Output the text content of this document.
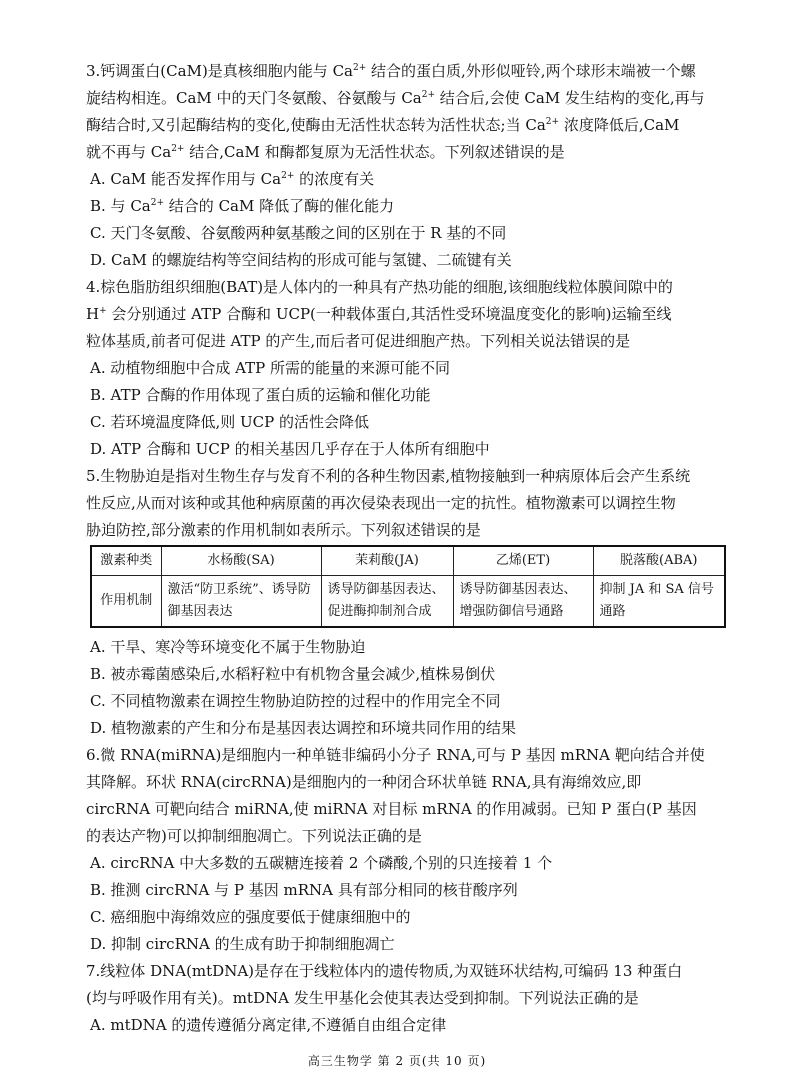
3.钙调蛋白(CaM)是真核细胞内能与 $Ca^{2+}$ 结合的蛋白质,外形似哑铃,两个球形末端被一个螺
旋结构相连。CaM 中的天门冬氨酸、谷氨酸与 $Ca^{2+}$ 结合后,会使 CaM 发生结构的变化,再与
酶结合时,又引起酶结构的变化,使酶由无活性状态转为活性状态;当 $Ca^{2+}$ 浓度降低后,CaM
就不再与 $Ca^{2+}$ 结合,CaM 和酶都复原为无活性状态。下列叙述错误的是
A. CaM 能否发挥作用与 $Ca^{2+}$ 的浓度有关
B. 与 $Ca^{2+}$ 结合的 CaM 降低了酶的催化能力
C. 天门冬氨酸、谷氨酸两种氨基酸之间的区别在于 R 基的不同
D. CaM 的螺旋结构等空间结构的形成可能与氢键、二硫键有关
4.棕色脂肪组织细胞(BAT)是人体内的一种具有产热功能的细胞,该细胞线粒体膜间隙中的
H+ 会分别通过 ATP 合酶和 UCP(一种载体蛋白,其活性受环境温度变化的影响)运输至线
粒体基质,前者可促进 ATP 的产生,而后者可促进细胞产热。下列相关说法错误的是
A. 动植物细胞中合成 ATP 所需的能量的来源可能不同
B. ATP 合酶的作用体现了蛋白质的运输和催化功能
C. 若环境温度降低,则 UCP 的活性会降低
D. ATP 合酶和 UCP 的相关基因几乎存在于人体所有细胞中
5.生物胁迫是指对生物生存与发育不利的各种生物因素,植物接触到一种病原体后会产生系统
性反应,从而对该种或其他种病原菌的再次侵染表现出一定的抗性。植物激素可以调控生物
胁迫防控,部分激素的作用机制如表所示。下列叙述错误的是
激素种类	水杨酸(SA)	茉莉酸(JA)	乙烯(ET)	脱落酸(ABA)
作用机制	激活“防卫系统”、诱导防御基因表达	诱导防御基因表达、促进酶抑制剂合成	诱导防御基因表达、增强防御信号通路	抑制 JA 和 SA 信号通路
A. 干旱、寒冷等环境变化不属于生物胁迫
B. 被赤霉菌感染后,水稻籽粒中有机物含量会减少,植株易倒伏
C. 不同植物激素在调控生物胁迫防控的过程中的作用完全不同
D. 植物激素的产生和分布是基因表达调控和环境共同作用的结果
6.微 RNA(miRNA)是细胞内一种单链非编码小分子 RNA,可与 P 基因 mRNA 靶向结合并使
其降解。环状 RNA(circRNA)是细胞内的一种闭合环状单链 RNA,具有海绵效应,即
circRNA 可靶向结合 miRNA,使 miRNA 对目标 mRNA 的作用减弱。已知 P 蛋白(P 基因
的表达产物)可以抑制细胞凋亡。下列说法正确的是
A. circRNA 中大多数的五碳糖连接着 2 个磷酸,个别的只连接着 1 个
B. 推测 circRNA 与 P 基因 mRNA 具有部分相同的核苷酸序列
C. 癌细胞中海绵效应的强度要低于健康细胞中的
D. 抑制 circRNA 的生成有助于抑制细胞凋亡
7.线粒体 DNA(mtDNA)是存在于线粒体内的遗传物质,为双链环状结构,可编码 13 种蛋白
(均与呼吸作用有关)。mtDNA 发生甲基化会使其表达受到抑制。下列说法正确的是
A. mtDNA 的遗传遵循分离定律,不遵循自由组合定律
高三生物学 第 2 页(共 10 页)
